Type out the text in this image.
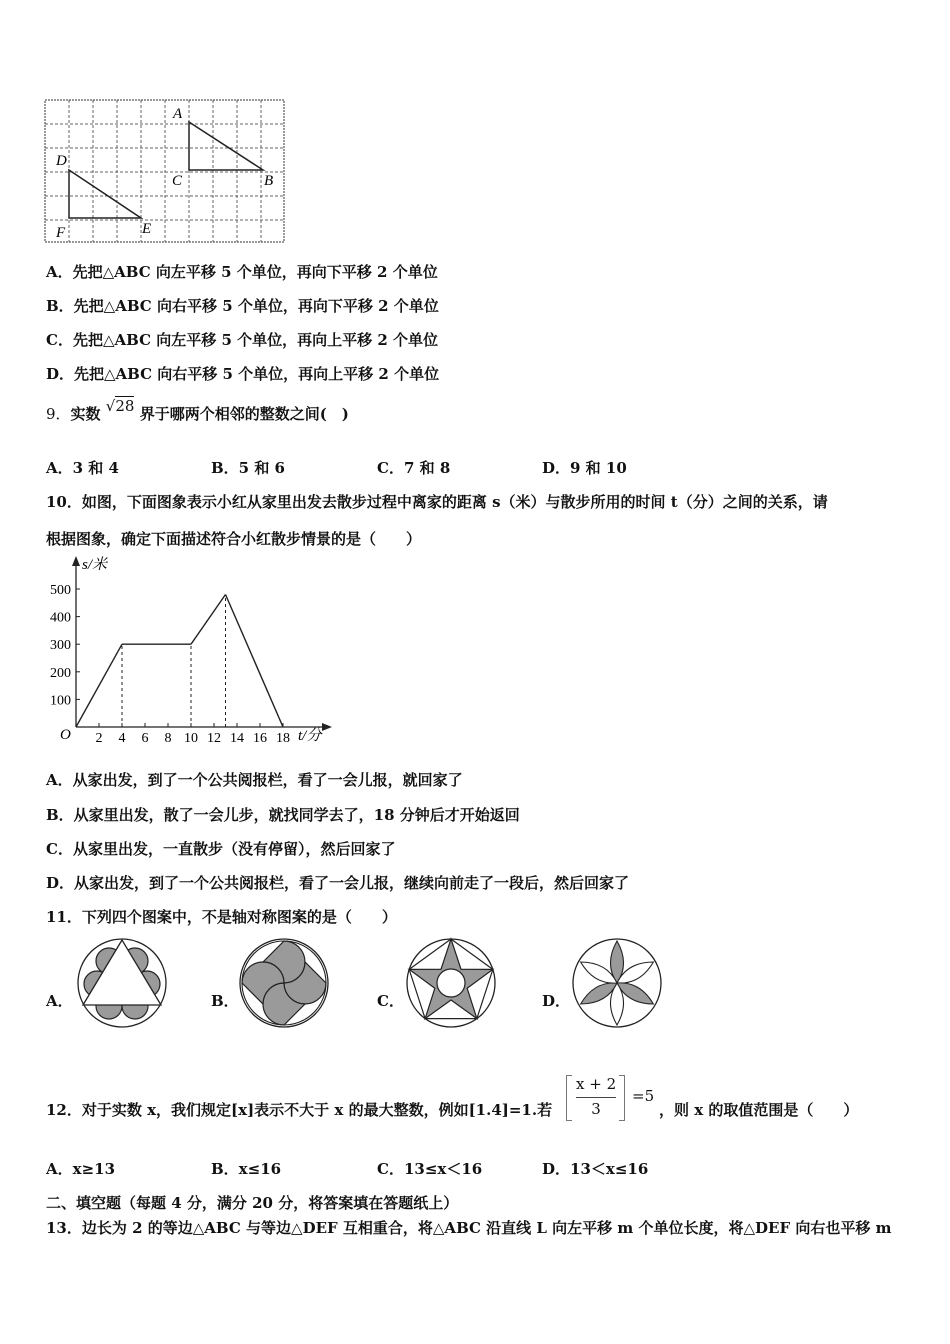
A
B
C
D
E
F
A．先把△ABC 向左平移 5 个单位，再向下平移 2 个单位
B．先把△ABC 向右平移 5 个单位，再向下平移 2 个单位
C．先把△ABC 向左平移 5 个单位，再向上平移 2 个单位
D．先把△ABC 向右平移 5 个单位，再向上平移 2 个单位
9．实数 √28 界于哪两个相邻的整数之间(　)
A．3 和 4	B．5 和 6	C．7 和 8	D．9 和 10
10．如图，下面图象表示小红从家里出发去散步过程中离家的距离 s（米）与散步所用的时间 t（分）之间的关系，请
根据图象，确定下面描述符合小红散步情景的是（　　）
2 4 6 8 10 12 14 16 18
100
200
300
400
500
s/米
t/分
O
A．从家出发，到了一个公共阅报栏，看了一会儿报，就回家了
B．从家里出发，散了一会儿步，就找同学去了，18 分钟后才开始返回
C．从家里出发，一直散步（没有停留），然后回家了
D．从家出发，到了一个公共阅报栏，看了一会儿报，继续向前走了一段后，然后回家了
11．下列四个图案中，不是轴对称图案的是（　　）
A．	B．	C．	D．
12．对于实数 x，我们规定[x]表示不大于 x 的最大整数，例如[1.4]=1.若
x + 2
3
=5
，则 x 的取值范围是（　　）
A．x≥13	B．x≤16	C．13≤x＜16	D．13＜x≤16
二、填空题（每题 4 分，满分 20 分，将答案填在答题纸上）
13．边长为 2 的等边△ABC 与等边△DEF 互相重合，将△ABC 沿直线 L 向左平移 m 个单位长度，将△DEF 向右也平移 m
